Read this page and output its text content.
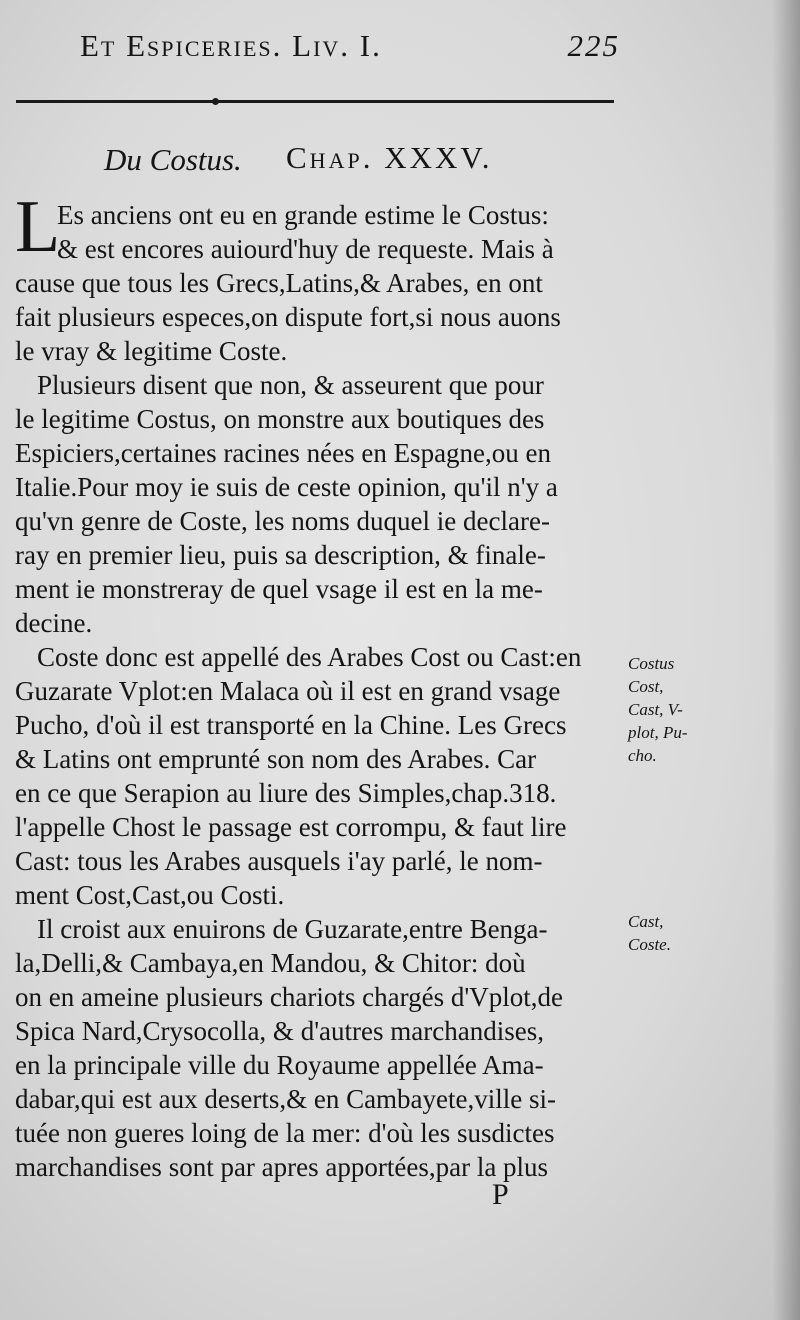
Et Espiceries. Liv. I.	225
Du Costus. Chap. XXXV.
L
Es anciens ont eu en grande estime le Costus:
& est encores auiourd'huy de requeste. Mais à
cause que tous les Grecs,Latins,& Arabes, en ont
fait plusieurs especes,on dispute fort,si nous auons
le vray & legitime Coste.
Plusieurs disent que non, & asseurent que pour
le legitime Costus, on monstre aux boutiques des
Espiciers,certaines racines nées en Espagne,ou en
Italie.Pour moy ie suis de ceste opinion, qu'il n'y a
qu'vn genre de Coste, les noms duquel ie declare-
ray en premier lieu, puis sa description, & finale-
ment ie monstreray de quel vsage il est en la me-
decine.
Coste donc est appellé des Arabes Cost ou Cast:en
Guzarate Vplot:en Malaca où il est en grand vsage
Pucho, d'où il est transporté en la Chine. Les Grecs
& Latins ont emprunté son nom des Arabes. Car
en ce que Serapion au liure des Simples,chap.318.
l'appelle Chost le passage est corrompu, & faut lire
Cast: tous les Arabes ausquels i'ay parlé, le nom-
ment Cost,Cast,ou Costi.
Il croist aux enuirons de Guzarate,entre Benga-
la,Delli,& Cambaya,en Mandou, & Chitor: doù
on en ameine plusieurs chariots chargés d'Vplot,de
Spica Nard,Crysocolla, & d'autres marchandises,
en la principale ville du Royaume appellée Ama-
dabar,qui est aux deserts,& en Cambayete,ville si-
tuée non gueres loing de la mer: d'où les susdictes
marchandises sont par apres apportées,par la plus
Costus
Cost,
Cast, V-
plot, Pu-
cho.
Cast,
Coste.
P
